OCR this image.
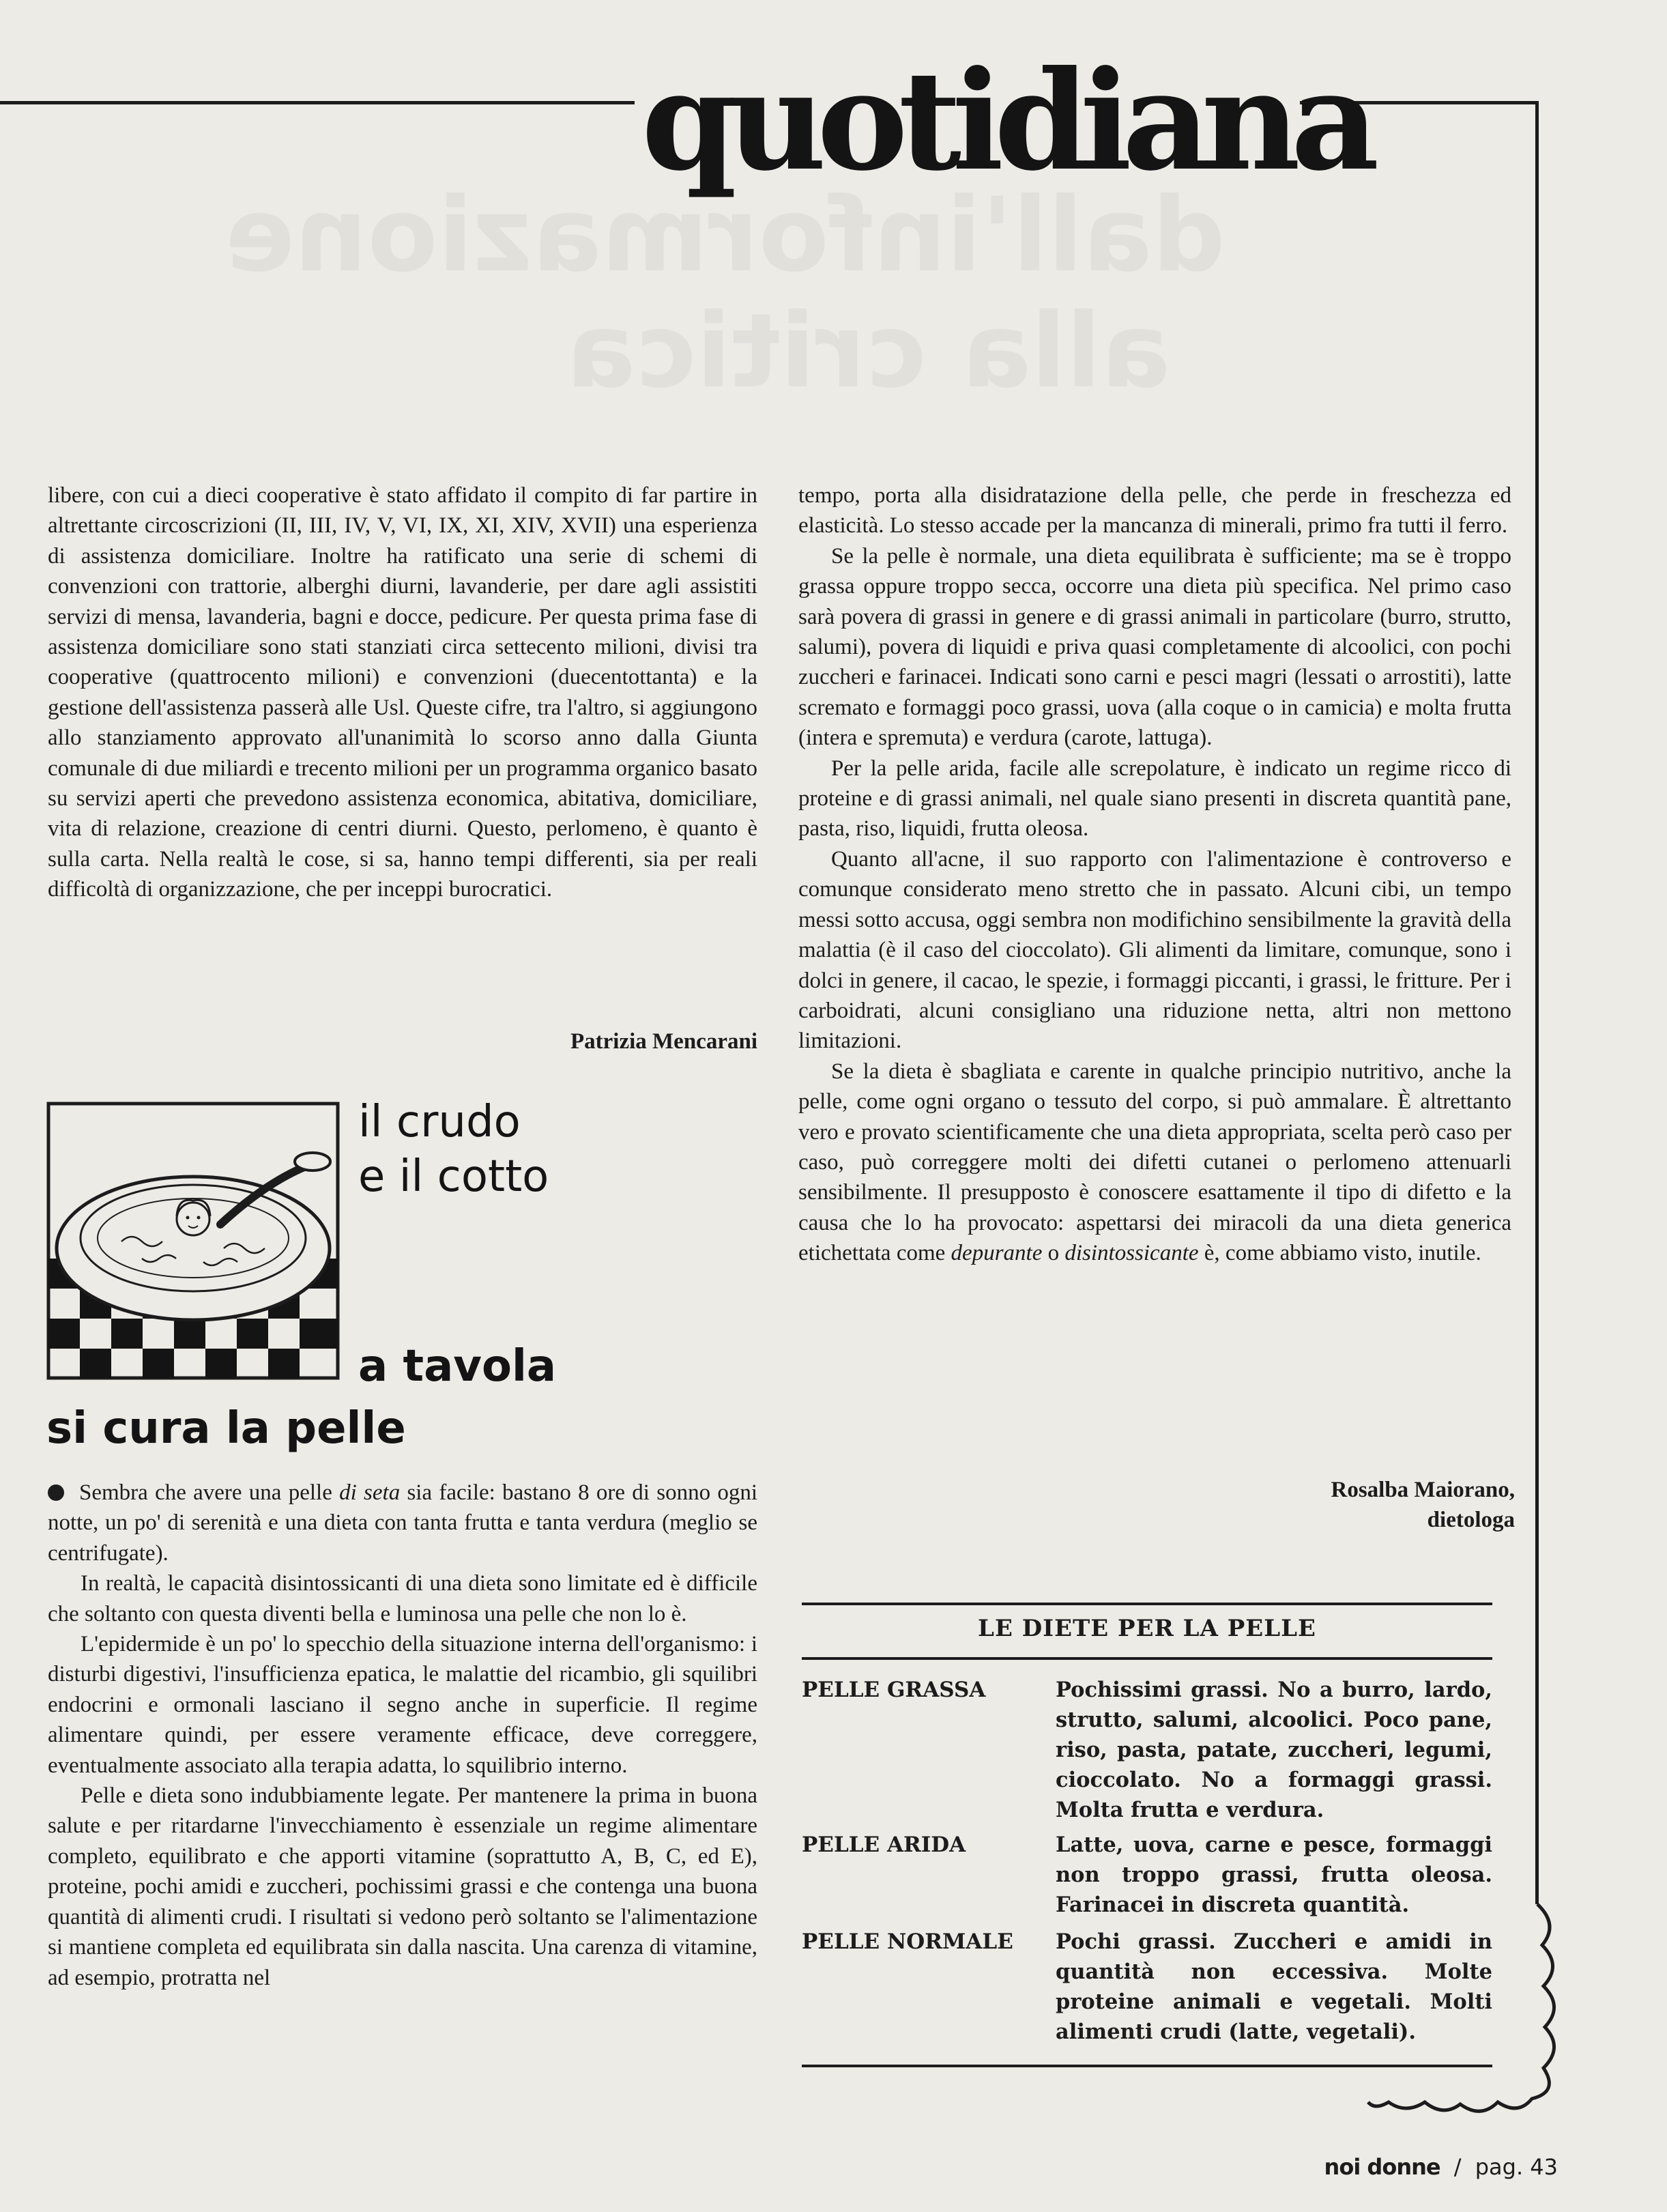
quotidiana
dall'informazione
alla critica

libere, con cui a dieci cooperative è stato affidato il compito di far partire in altrettante circoscrizioni (II, III, IV, V, VI, IX, XI, XIV, XVII) una esperienza di assistenza domiciliare. Inoltre ha ratificato una serie di schemi di convenzioni con trattorie, alberghi diurni, lavanderie, per dare agli assistiti servizi di mensa, lavanderia, bagni e docce, pedicure. Per questa prima fase di assistenza domiciliare sono stati stanziati circa settecento milioni, divisi tra cooperative (quattrocento milioni) e convenzioni (duecentottanta) e la gestione dell'assistenza passerà alle Usl. Queste cifre, tra l'altro, si aggiungono allo stanziamento approvato all'unanimità lo scorso anno dalla Giunta comunale di due miliardi e trecento milioni per un programma organico basato su servizi aperti che prevedono assistenza economica, abitativa, domiciliare, vita di relazione, creazione di centri diurni. Questo, perlomeno, è quanto è sulla carta. Nella realtà le cose, si sa, hanno tempi differenti, sia per reali difficoltà di organizzazione, che per inceppi burocratici.

Patrizia Mencarani
il crudo
e il cotto
a tavola
si cura la pelle

Sembra che avere una pelle di seta sia facile: bastano 8 ore di sonno ogni notte, un po' di serenità e una dieta con tanta frutta e tanta verdura (meglio se centrifugate).

In realtà, le capacità disintossicanti di una dieta sono limitate ed è difficile che soltanto con questa diventi bella e luminosa una pelle che non lo è.

L'epidermide è un po' lo specchio della situazione interna dell'organismo: i disturbi digestivi, l'insufficienza epatica, le malattie del ricambio, gli squilibri endocrini e ormonali lasciano il segno anche in superficie. Il regime alimentare quindi, per essere veramente efficace, deve correggere, eventualmente associato alla terapia adatta, lo squilibrio interno.

Pelle e dieta sono indubbiamente legate. Per mantenere la prima in buona salute e per ritardarne l'invecchiamento è essenziale un regime alimentare completo, equilibrato e che apporti vitamine (soprattutto A, B, C, ed E), proteine, pochi amidi e zuccheri, pochissimi grassi e che contenga una buona quantità di alimenti crudi. I risultati si vedono però soltanto se l'alimentazione si mantiene completa ed equilibrata sin dalla nascita. Una carenza di vitamine, ad esempio, protratta nel

tempo, porta alla disidratazione della pelle, che perde in freschezza ed elasticità. Lo stesso accade per la mancanza di minerali, primo fra tutti il ferro.

Se la pelle è normale, una dieta equilibrata è sufficiente; ma se è troppo grassa oppure troppo secca, occorre una dieta più specifica. Nel primo caso sarà povera di grassi in genere e di grassi animali in particolare (burro, strutto, salumi), povera di liquidi e priva quasi completamente di alcoolici, con pochi zuccheri e farinacei. Indicati sono carni e pesci magri (lessati o arrostiti), latte scremato e formaggi poco grassi, uova (alla coque o in camicia) e molta frutta (intera e spremuta) e verdura (carote, lattuga).

Per la pelle arida, facile alle screpolature, è indicato un regime ricco di proteine e di grassi animali, nel quale siano presenti in discreta quantità pane, pasta, riso, liquidi, frutta oleosa.

Quanto all'acne, il suo rapporto con l'alimentazione è controverso e comunque considerato meno stretto che in passato. Alcuni cibi, un tempo messi sotto accusa, oggi sembra non modifichino sensibilmente la gravità della malattia (è il caso del cioccolato). Gli alimenti da limitare, comunque, sono i dolci in genere, il cacao, le spezie, i formaggi piccanti, i grassi, le fritture. Per i carboidrati, alcuni consigliano una riduzione netta, altri non mettono limitazioni.

Se la dieta è sbagliata e carente in qualche principio nutritivo, anche la pelle, come ogni organo o tessuto del corpo, si può ammalare. È altrettanto vero e provato scientificamente che una dieta appropriata, scelta però caso per caso, può correggere molti dei difetti cutanei o perlomeno attenuarli sensibilmente. Il presupposto è conoscere esattamente il tipo di difetto e la causa che lo ha provocato: aspettarsi dei miracoli da una dieta generica etichettata come depurante o disintossicante è, come abbiamo visto, inutile.

Rosalba Maiorano,
dietologa
LE DIETE PER LA PELLE
PELLE GRASSA	Pochissimi grassi. No a burro, lardo, strutto, salumi, alcoolici. Poco pane, riso, pasta, patate, zuccheri, legumi, cioccolato. No a formaggi grassi. Molta frutta e verdura.
PELLE ARIDA	Latte, uova, carne e pesce, formaggi non troppo grassi, frutta oleosa. Farinacei in discreta quantità.
PELLE NORMALE	Pochi grassi. Zuccheri e amidi in quantità non eccessiva. Molte proteine animali e vegetali. Molti alimenti crudi (latte, vegetali).
noi donne / pag. 43
